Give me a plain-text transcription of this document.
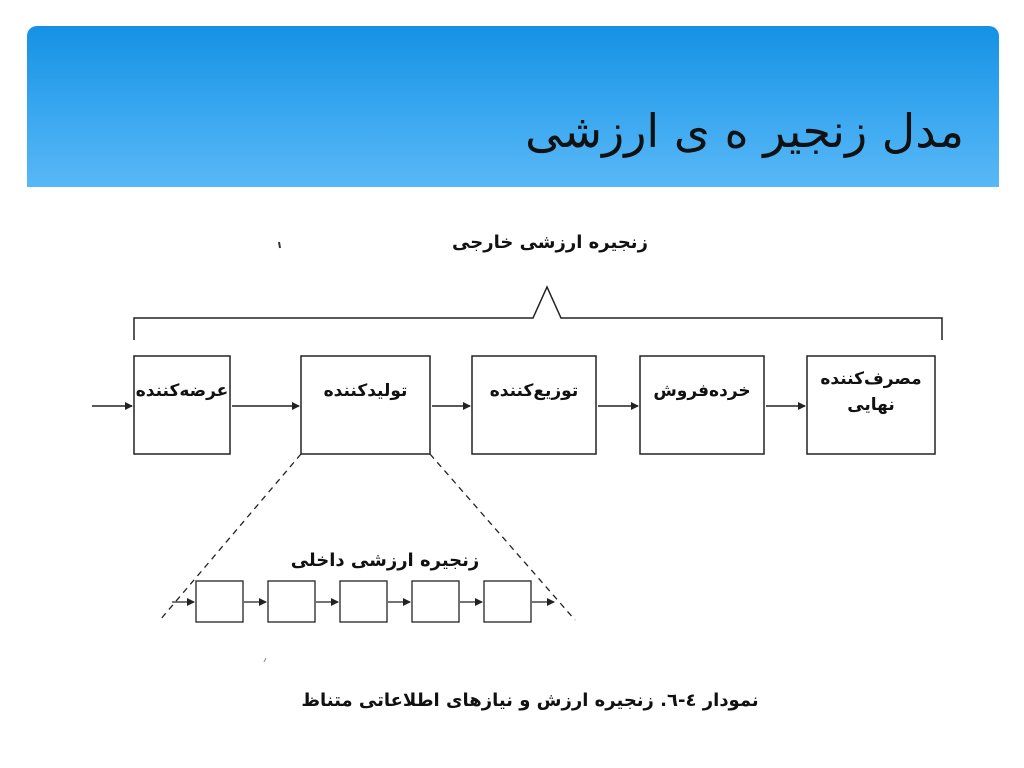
مدل زنجیر ه ی ارزشی
زنجیره ارزشی خارجی
عرضه‌کننده	تولیدکننده	توزیع‌کننده	خرده‌فروش
مصرف‌کننده
نهایی
زنجیره ارزشی داخلی
نمودار ٤-٦. زنجیره ارزش و نیازهای اطلاعاتی متناظ
